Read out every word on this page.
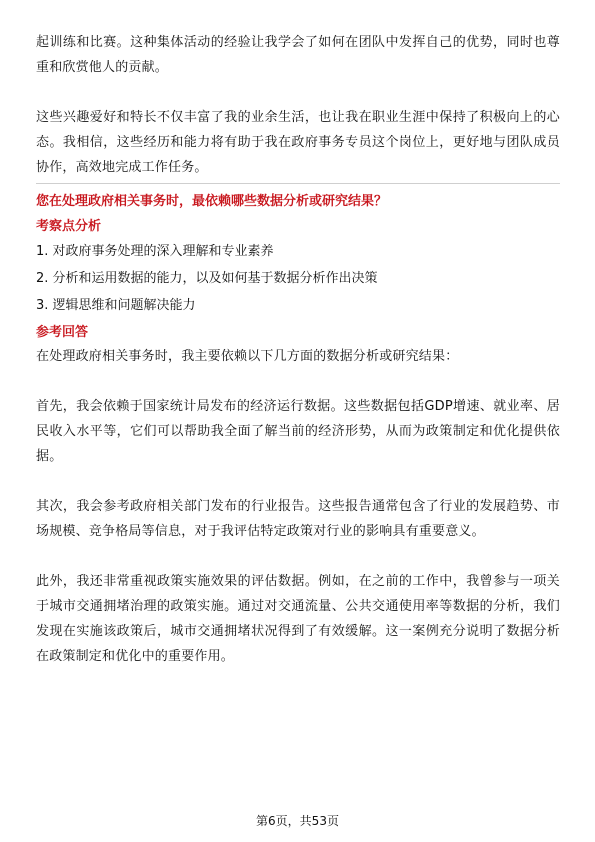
起训练和比赛。这种集体活动的经验让我学会了如何在团队中发挥自己的优势，同时也尊重和欣赏他人的贡献。

这些兴趣爱好和特长不仅丰富了我的业余生活，也让我在职业生涯中保持了积极向上的心态。我相信，这些经历和能力将有助于我在政府事务专员这个岗位上，更好地与团队成员协作，高效地完成工作任务。

您在处理政府相关事务时，最依赖哪些数据分析或研究结果？

考察点分析

1. 对政府事务处理的深入理解和专业素养

2. 分析和运用数据的能力，以及如何基于数据分析作出决策

3. 逻辑思维和问题解决能力

参考回答

在处理政府相关事务时，我主要依赖以下几方面的数据分析或研究结果：

首先，我会依赖于国家统计局发布的经济运行数据。这些数据包括GDP增速、就业率、居民收入水平等，它们可以帮助我全面了解当前的经济形势，从而为政策制定和优化提供依据。

其次，我会参考政府相关部门发布的行业报告。这些报告通常包含了行业的发展趋势、市场规模、竞争格局等信息，对于我评估特定政策对行业的影响具有重要意义。

此外，我还非常重视政策实施效果的评估数据。例如，在之前的工作中，我曾参与一项关于城市交通拥堵治理的政策实施。通过对交通流量、公共交通使用率等数据的分析，我们发现在实施该政策后，城市交通拥堵状况得到了有效缓解。这一案例充分说明了数据分析在政策制定和优化中的重要作用。

第6页，共53页
